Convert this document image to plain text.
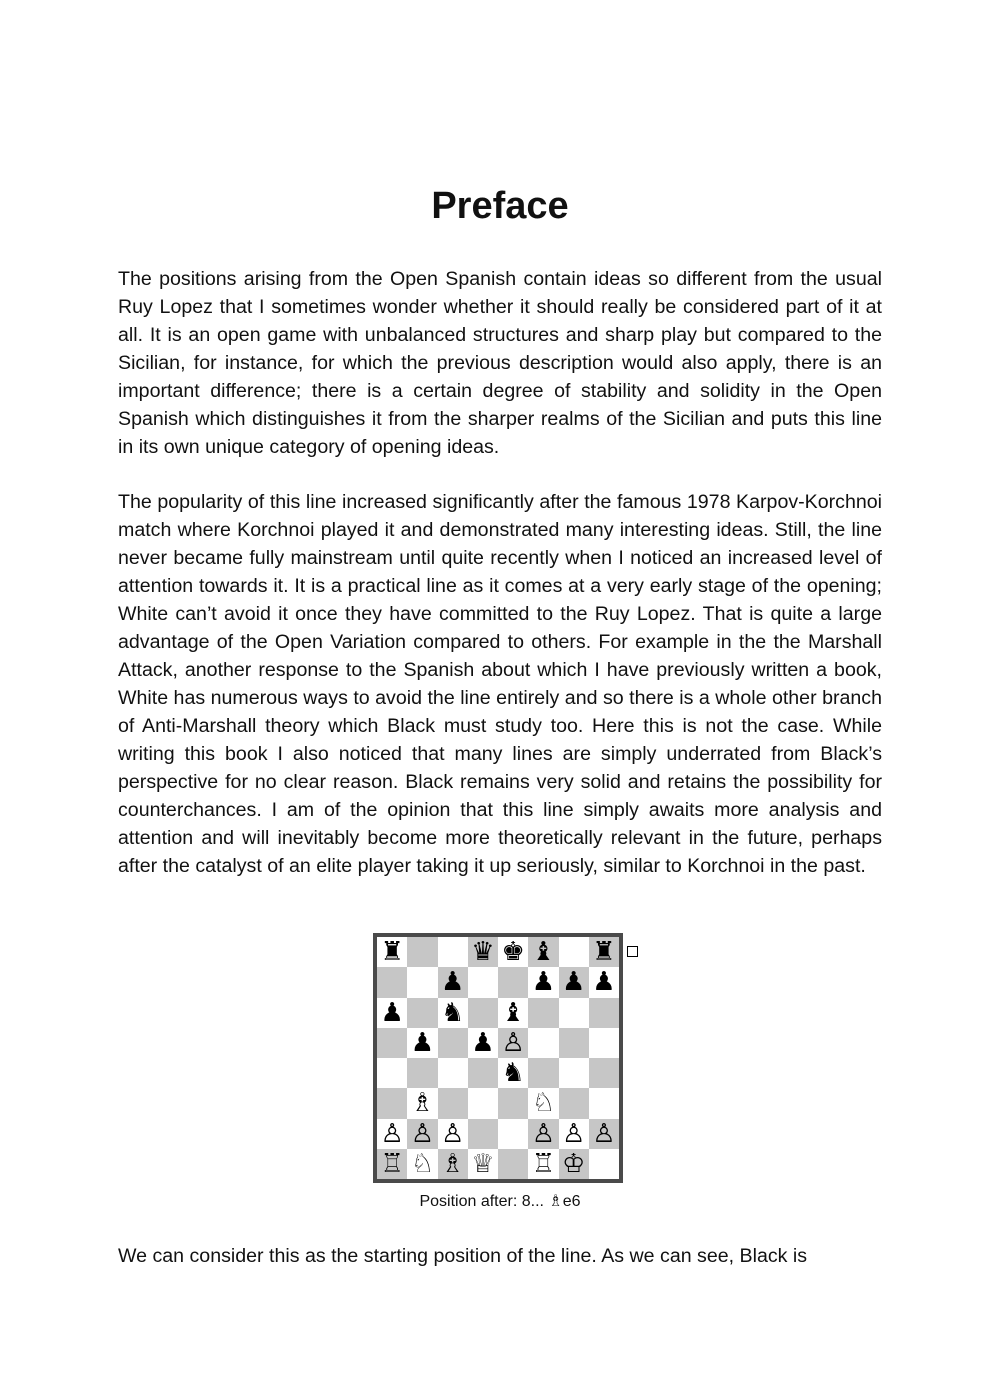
Preface

The positions arising from the Open Spanish contain ideas so different from the usual Ruy Lopez that I sometimes wonder whether it should really be considered part of it at all. It is an open game with unbalanced structures and sharp play but compared to the Sicilian, for instance, for which the previous description would also apply, there is an important difference; there is a certain degree of stability and solidity in the Open Spanish which distinguishes it from the sharper realms of the Sicilian and puts this line in its own unique category of opening ideas.

The popularity of this line increased significantly after the famous 1978 Karpov-Korchnoi match where Korchnoi played it and demonstrated many interesting ideas. Still, the line never became fully mainstream until quite recently when I noticed an increased level of attention towards it. It is a practical line as it comes at a very early stage of the opening; White can’t avoid it once they have committed to the Ruy Lopez. That is quite a large advantage of the Open Variation compared to others. For example in the the Marshall Attack, another response to the Spanish about which I have previously written a book, White has numerous ways to avoid the line entirely and so there is a whole other branch of Anti-Marshall theory which Black must study too. Here this is not the case. While writing this book I also noticed that many lines are simply underrated from Black’s perspective for no clear reason. Black remains very solid and retains the possibility for counterchances. I am of the opinion that this line simply awaits more analysis and attention and will inevitably become more theoretically relevant in the future, perhaps after the catalyst of an elite player taking it up seriously, similar to Korchnoi in the past.

♜	♛ ♚ ♝ ♜
♟	♟ ♟ ♟
♟ ♞ ♝
♟ ♟ ♙
♞
♗	♘
♙ ♙ ♙	♙ ♙ ♙
♖ ♘ ♗ ♕ ♖ ♔
Position after: 8... ♗e6

We can consider this as the starting position of the line. As we can see, Black is
